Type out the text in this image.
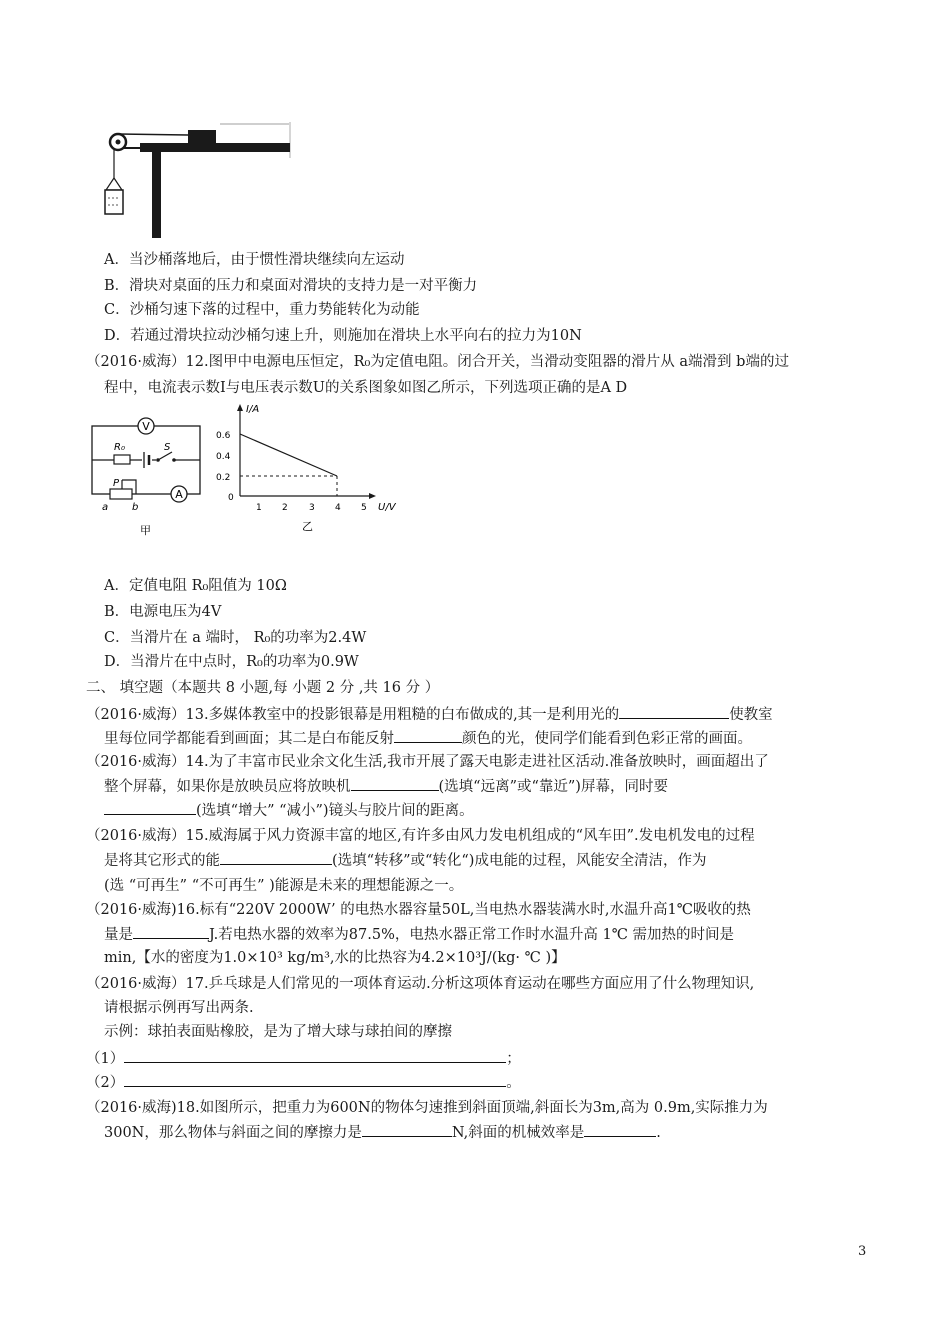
A．当沙桶落地后，由于惯性滑块继续向左运动
B．滑块对桌面的压力和桌面对滑块的支持力是一对平衡力
C．沙桶匀速下落的过程中，重力势能转化为动能
D．若通过滑块拉动沙桶匀速上升，则施加在滑块上水平向右的拉力为10N
（2016·威海）12.图甲中电源电压恒定，R₀为定值电阻。闭合开关，当滑动变阻器的滑片从 a端滑到 b端的过
程中，电流表示数I与电压表示数U的关系图象如图乙所示，下列选项正确的是A D
V
R₀	S
P
A
a b
甲
I/A
U/V
0
0.6
0.4
0.2
1 2 3 4 5
乙
A．定值电阻 R₀阻值为 10Ω
B．电源电压为4V
C．当滑片在 a 端时， R₀的功率为2.4W
D．当滑片在中点时，R₀的功率为0.9W
二、 填空题（本题共 8 小题,每 小题 2 分 ,共 16 分 ）
（2016·威海）13.多媒体教室中的投影银幕是用粗糙的白布做成的,其一是利用光的	使教室
里每位同学都能看到画面；其二是白布能反射	颜色的光，使同学们能看到色彩正常的画面。
（2016·威海）14.为了丰富市民业余文化生活,我市开展了露天电影走进社区活动.准备放映时，画面超出了
整个屏幕，如果你是放映员应将放映机	(选填“远离”或“靠近”)屏幕，同时要
(选填“增大” “减小”)镜头与胶片间的距离。
（2016·威海）15.威海属于风力资源丰富的地区,有许多由风力发电机组成的“风车田”.发电机发电的过程
是将其它形式的能	(选填“转移”或“转化“)成电能的过程，风能安全清洁，作为
(选 “可再生” “不可再生” )能源是未来的理想能源之一。
（2016·威海)16.标有“220V 2000W’ 的电热水器容量50L,当电热水器装满水时,水温升高1℃吸收的热
量是	J.若电热水器的效率为87.5%，电热水器正常工作时水温升高 1℃ 需加热的时间是
min,【水的密度为1.0×10³ kg/m³,水的比热容为4.2×10³J/(kg· ℃ )】
（2016·威海）17.乒乓球是人们常见的一项体育运动.分析这项体育运动在哪些方面应用了什么物理知识,
请根据示例再写出两条.
示例：球拍表面贴橡胶，是为了增大球与球拍间的摩擦
（1）	；
（2）	。
（2016·威海)18.如图所示，把重力为600N的物体匀速推到斜面顶端,斜面长为3m,高为 0.9m,实际推力为
300N，那么物体与斜面之间的摩擦力是	N,斜面的机械效率是	.
3
